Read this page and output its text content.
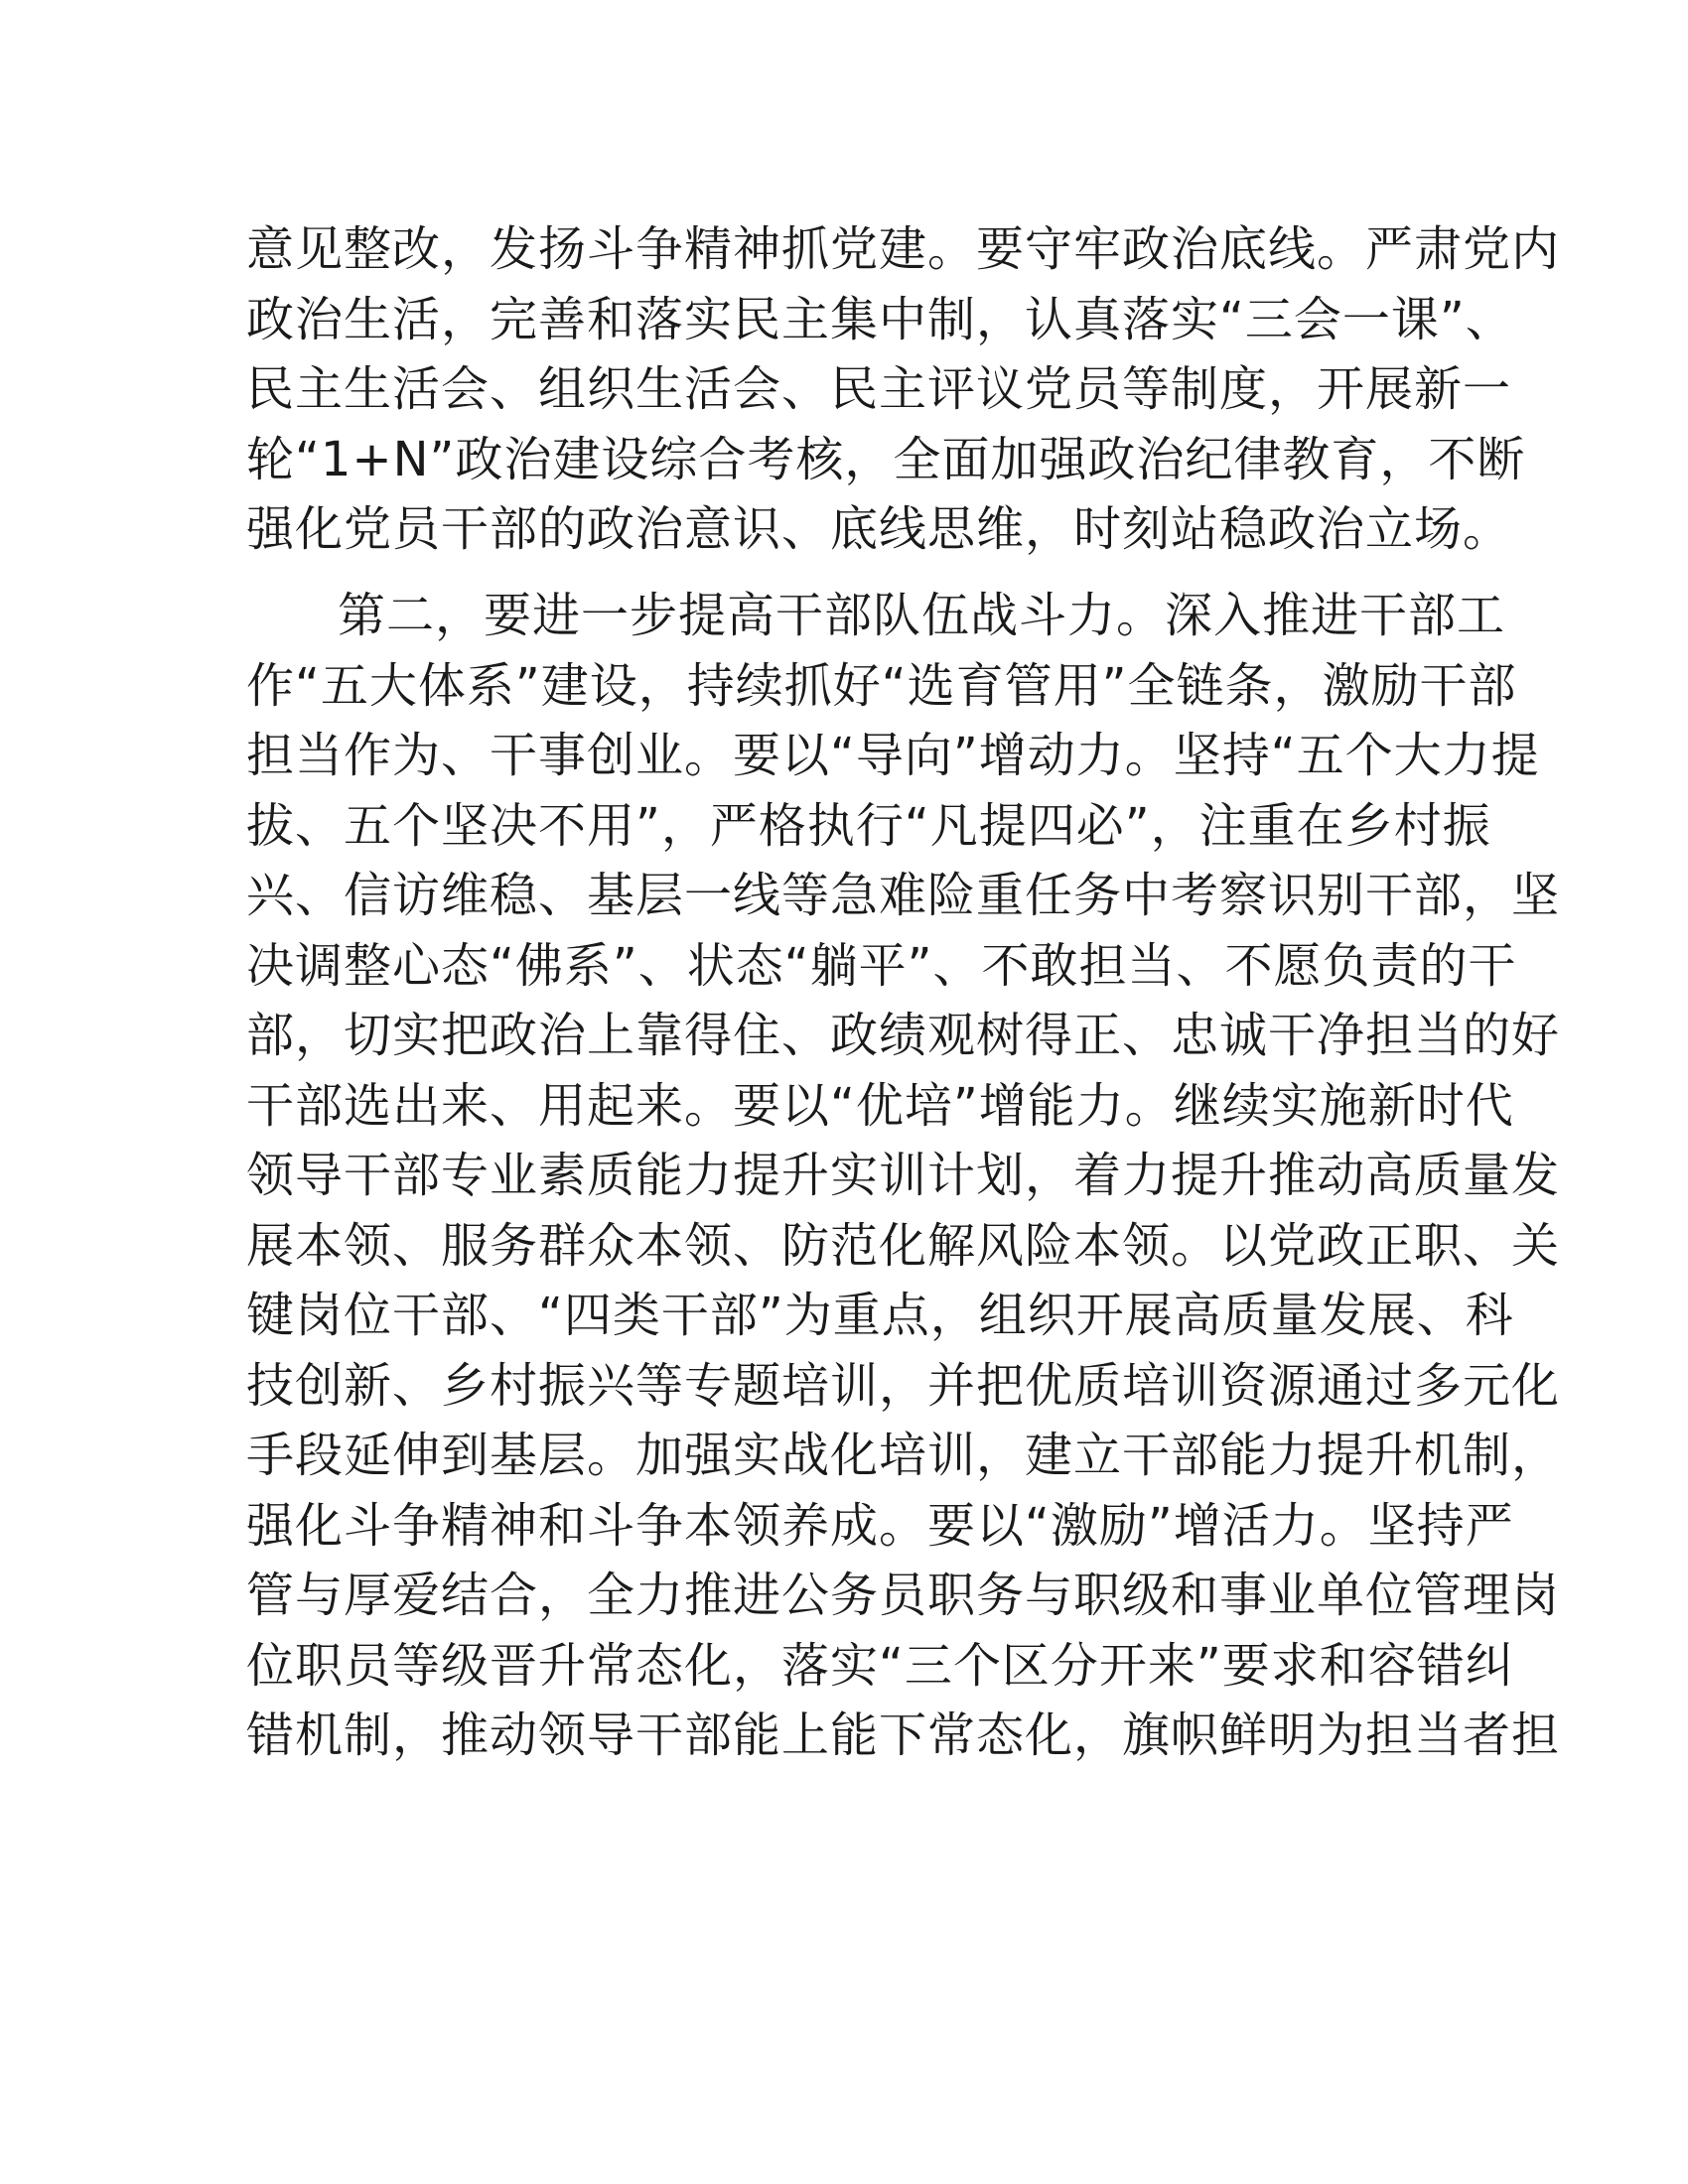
意见整改，发扬斗争精神抓党建。要守牢政治底线。严肃党内
政治生活，完善和落实民主集中制，认真落实“三会一课”、
民主生活会、组织生活会、民主评议党员等制度，开展新一
轮“1+N”政治建设综合考核，全面加强政治纪律教育，不断
强化党员干部的政治意识、底线思维，时刻站稳政治立场。
第二，要进一步提高干部队伍战斗力。深入推进干部工
作“五大体系”建设，持续抓好“选育管用”全链条，激励干部
担当作为、干事创业。要以“导向”增动力。坚持“五个大力提
拔、五个坚决不用”，严格执行“凡提四必”，注重在乡村振
兴、信访维稳、基层一线等急难险重任务中考察识别干部，坚
决调整心态“佛系”、状态“躺平”、不敢担当、不愿负责的干
部，切实把政治上靠得住、政绩观树得正、忠诚干净担当的好
干部选出来、用起来。要以“优培”增能力。继续实施新时代
领导干部专业素质能力提升实训计划，着力提升推动高质量发
展本领、服务群众本领、防范化解风险本领。以党政正职、关
键岗位干部、“四类干部”为重点，组织开展高质量发展、科
技创新、乡村振兴等专题培训，并把优质培训资源通过多元化
手段延伸到基层。加强实战化培训，建立干部能力提升机制，
强化斗争精神和斗争本领养成。要以“激励”增活力。坚持严
管与厚爱结合，全力推进公务员职务与职级和事业单位管理岗
位职员等级晋升常态化，落实“三个区分开来”要求和容错纠
错机制，推动领导干部能上能下常态化，旗帜鲜明为担当者担
